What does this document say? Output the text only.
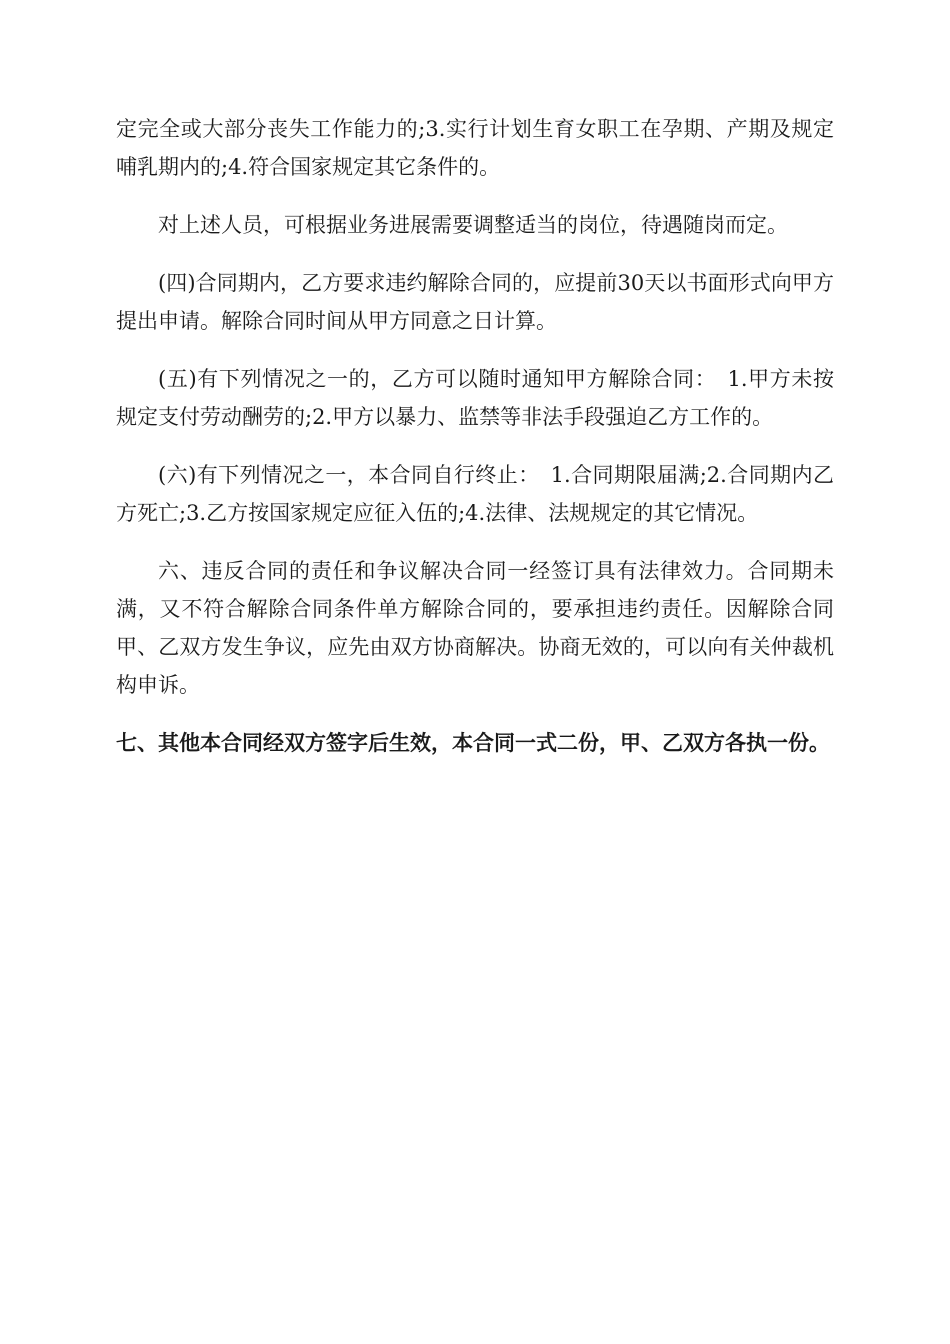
定完全或大部分丧失工作能力的;3.实行计划生育女职工在孕期、产期及规定哺乳期内的;4.符合国家规定其它条件的。

对上述人员，可根据业务进展需要调整适当的岗位，待遇随岗而定。

(四)合同期内，乙方要求违约解除合同的，应提前30天以书面形式向甲方提出申请。解除合同时间从甲方同意之日计算。

(五)有下列情况之一的，乙方可以随时通知甲方解除合同：　1.甲方未按规定支付劳动酬劳的;2.甲方以暴力、监禁等非法手段强迫乙方工作的。

(六)有下列情况之一，本合同自行终止：　1.合同期限届满;2.合同期内乙方死亡;3.乙方按国家规定应征入伍的;4.法律、法规规定的其它情况。

六、违反合同的责任和争议解决合同一经签订具有法律效力。合同期未满，又不符合解除合同条件单方解除合同的，要承担违约责任。因解除合同甲、乙双方发生争议，应先由双方协商解决。协商无效的，可以向有关仲裁机构申诉。

七、其他本合同经双方签字后生效，本合同一式二份，甲、乙双方各执一份。
